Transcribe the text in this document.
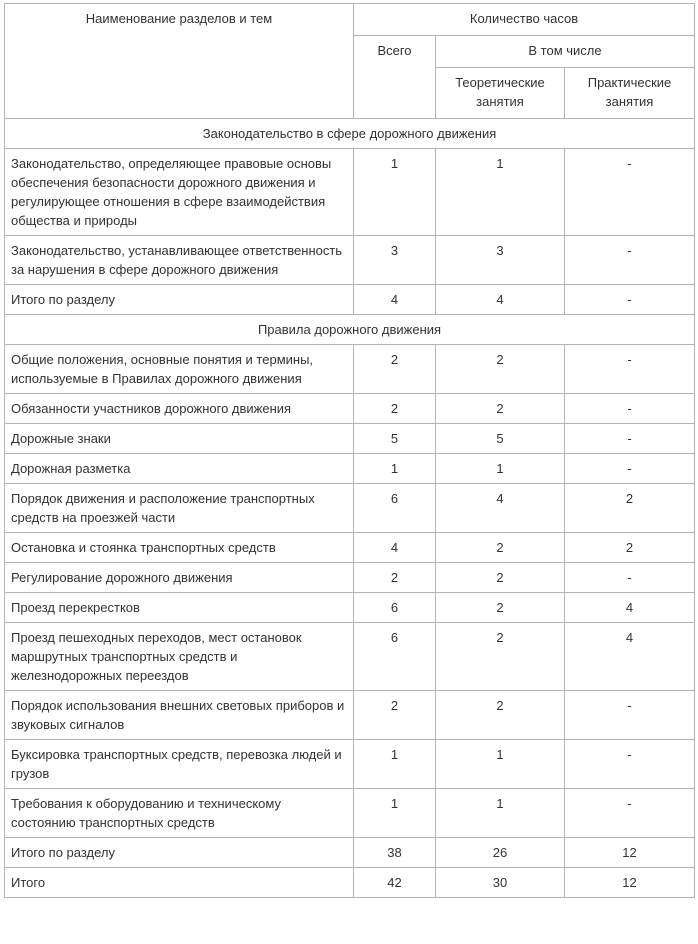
Наименование разделов и тем	Количество часов		
	Всего	В том числе	
		Теоретические занятия	Практические занятия
Законодательство в сфере дорожного движения			
Законодательство, определяющее правовые основы обеспечения безопасности дорожного движения и регулирующее отношения в сфере взаимодействия общества и природы	1	1	-
Законодательство, устанавливающее ответственность за нарушения в сфере дорожного движения	3	3	-
Итого по разделу	4	4	-
Правила дорожного движения			
Общие положения, основные понятия и термины, используемые в Правилах дорожного движения	2	2	-
Обязанности участников дорожного движения	2	2	-
Дорожные знаки	5	5	-
Дорожная разметка	1	1	-
Порядок движения и расположение транспортных средств на проезжей части	6	4	2
Остановка и стоянка транспортных средств	4	2	2
Регулирование дорожного движения	2	2	-
Проезд перекрестков	6	2	4
Проезд пешеходных переходов, мест остановок маршрутных транспортных средств и железнодорожных переездов	6	2	4
Порядок использования внешних световых приборов и звуковых сигналов	2	2	-
Буксировка транспортных средств, перевозка людей и грузов	1	1	-
Требования к оборудованию и техническому состоянию транспортных средств	1	1	-
Итого по разделу	38	26	12
Итого	42	30	12
